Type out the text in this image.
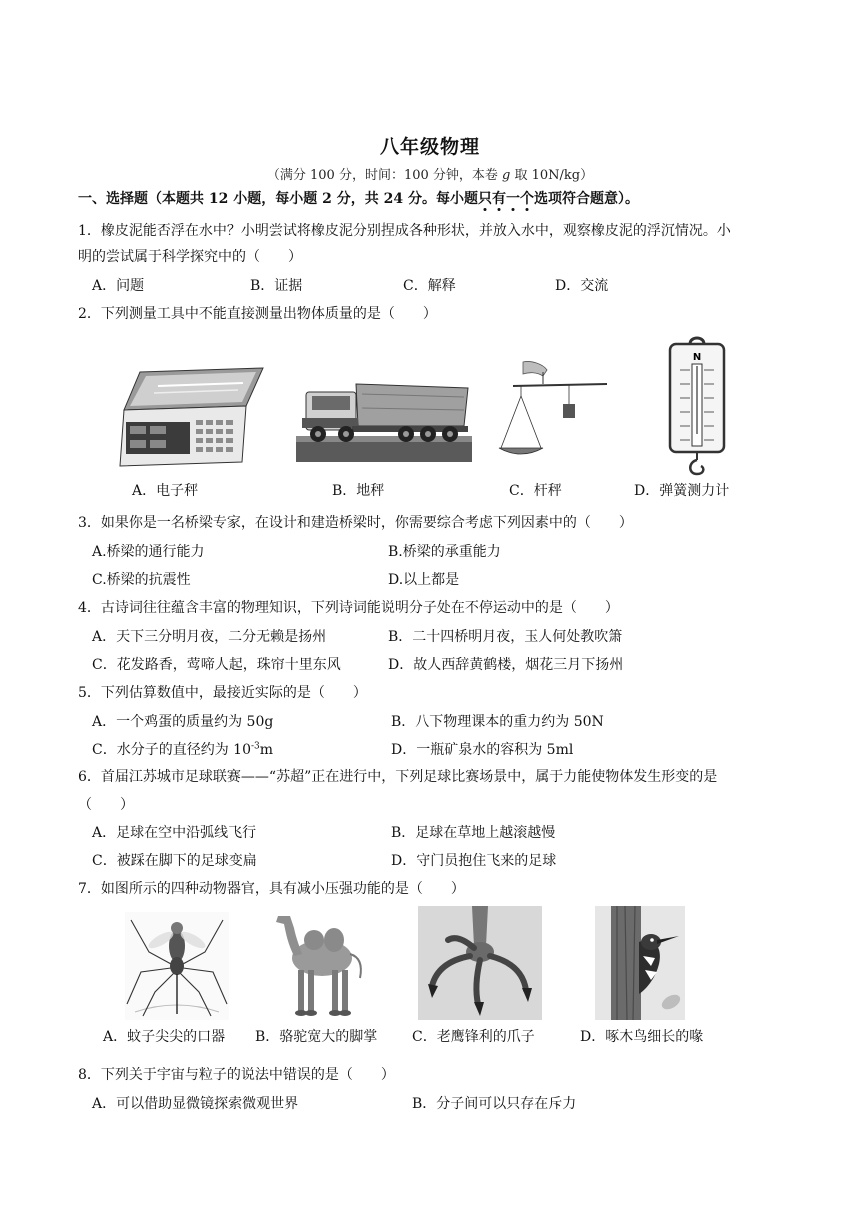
八年级物理
（满分 100 分，时间：100 分钟，本卷 g 取 10N/kg）
一、选择题（本题共 12 小题，每小题 2 分，共 24 分。每小题只有一个选项符合题意）。
1．橡皮泥能否浮在水中？小明尝试将橡皮泥分别捏成各种形状，并放入水中，观察橡皮泥的浮沉情况。小
明的尝试属于科学探究中的（　　）
A．问题	B．证据	C．解释	D．交流
2．下列测量工具中不能直接测量出物体质量的是（　　）
N
A．电子秤	B．地秤	C．杆秤	D．弹簧测力计
3．如果你是一名桥梁专家，在设计和建造桥梁时，你需要综合考虑下列因素中的（　　）
A.桥梁的通行能力	B.桥梁的承重能力
C.桥梁的抗震性	D.以上都是
4．古诗词往往蕴含丰富的物理知识，下列诗词能说明分子处在不停运动中的是（　　）
A．天下三分明月夜，二分无赖是扬州	B．二十四桥明月夜，玉人何处教吹箫
C．花发路香，莺啼人起，珠帘十里东风	D．故人西辞黄鹤楼，烟花三月下扬州
5．下列估算数值中，最接近实际的是（　　）
A．一个鸡蛋的质量约为 50g	B．八下物理课本的重力约为 50N
C．水分子的直径约为 $10^{-3}m$	D．一瓶矿泉水的容积为 5ml
6．首届江苏城市足球联赛——“苏超”正在进行中，下列足球比赛场景中，属于力能使物体发生形变的是
（　　）
A．足球在空中沿弧线飞行	B．足球在草地上越滚越慢
C．被踩在脚下的足球变扁	D．守门员抱住飞来的足球
7．如图所示的四种动物器官，具有减小压强功能的是（　　）
A．蚊子尖尖的口器 B．骆驼宽大的脚掌 C．老鹰锋利的爪子	D．啄木鸟细长的喙
8．下列关于宇宙与粒子的说法中错误的是（　　）
A．可以借助显微镜探索微观世界	B．分子间可以只存在斥力
